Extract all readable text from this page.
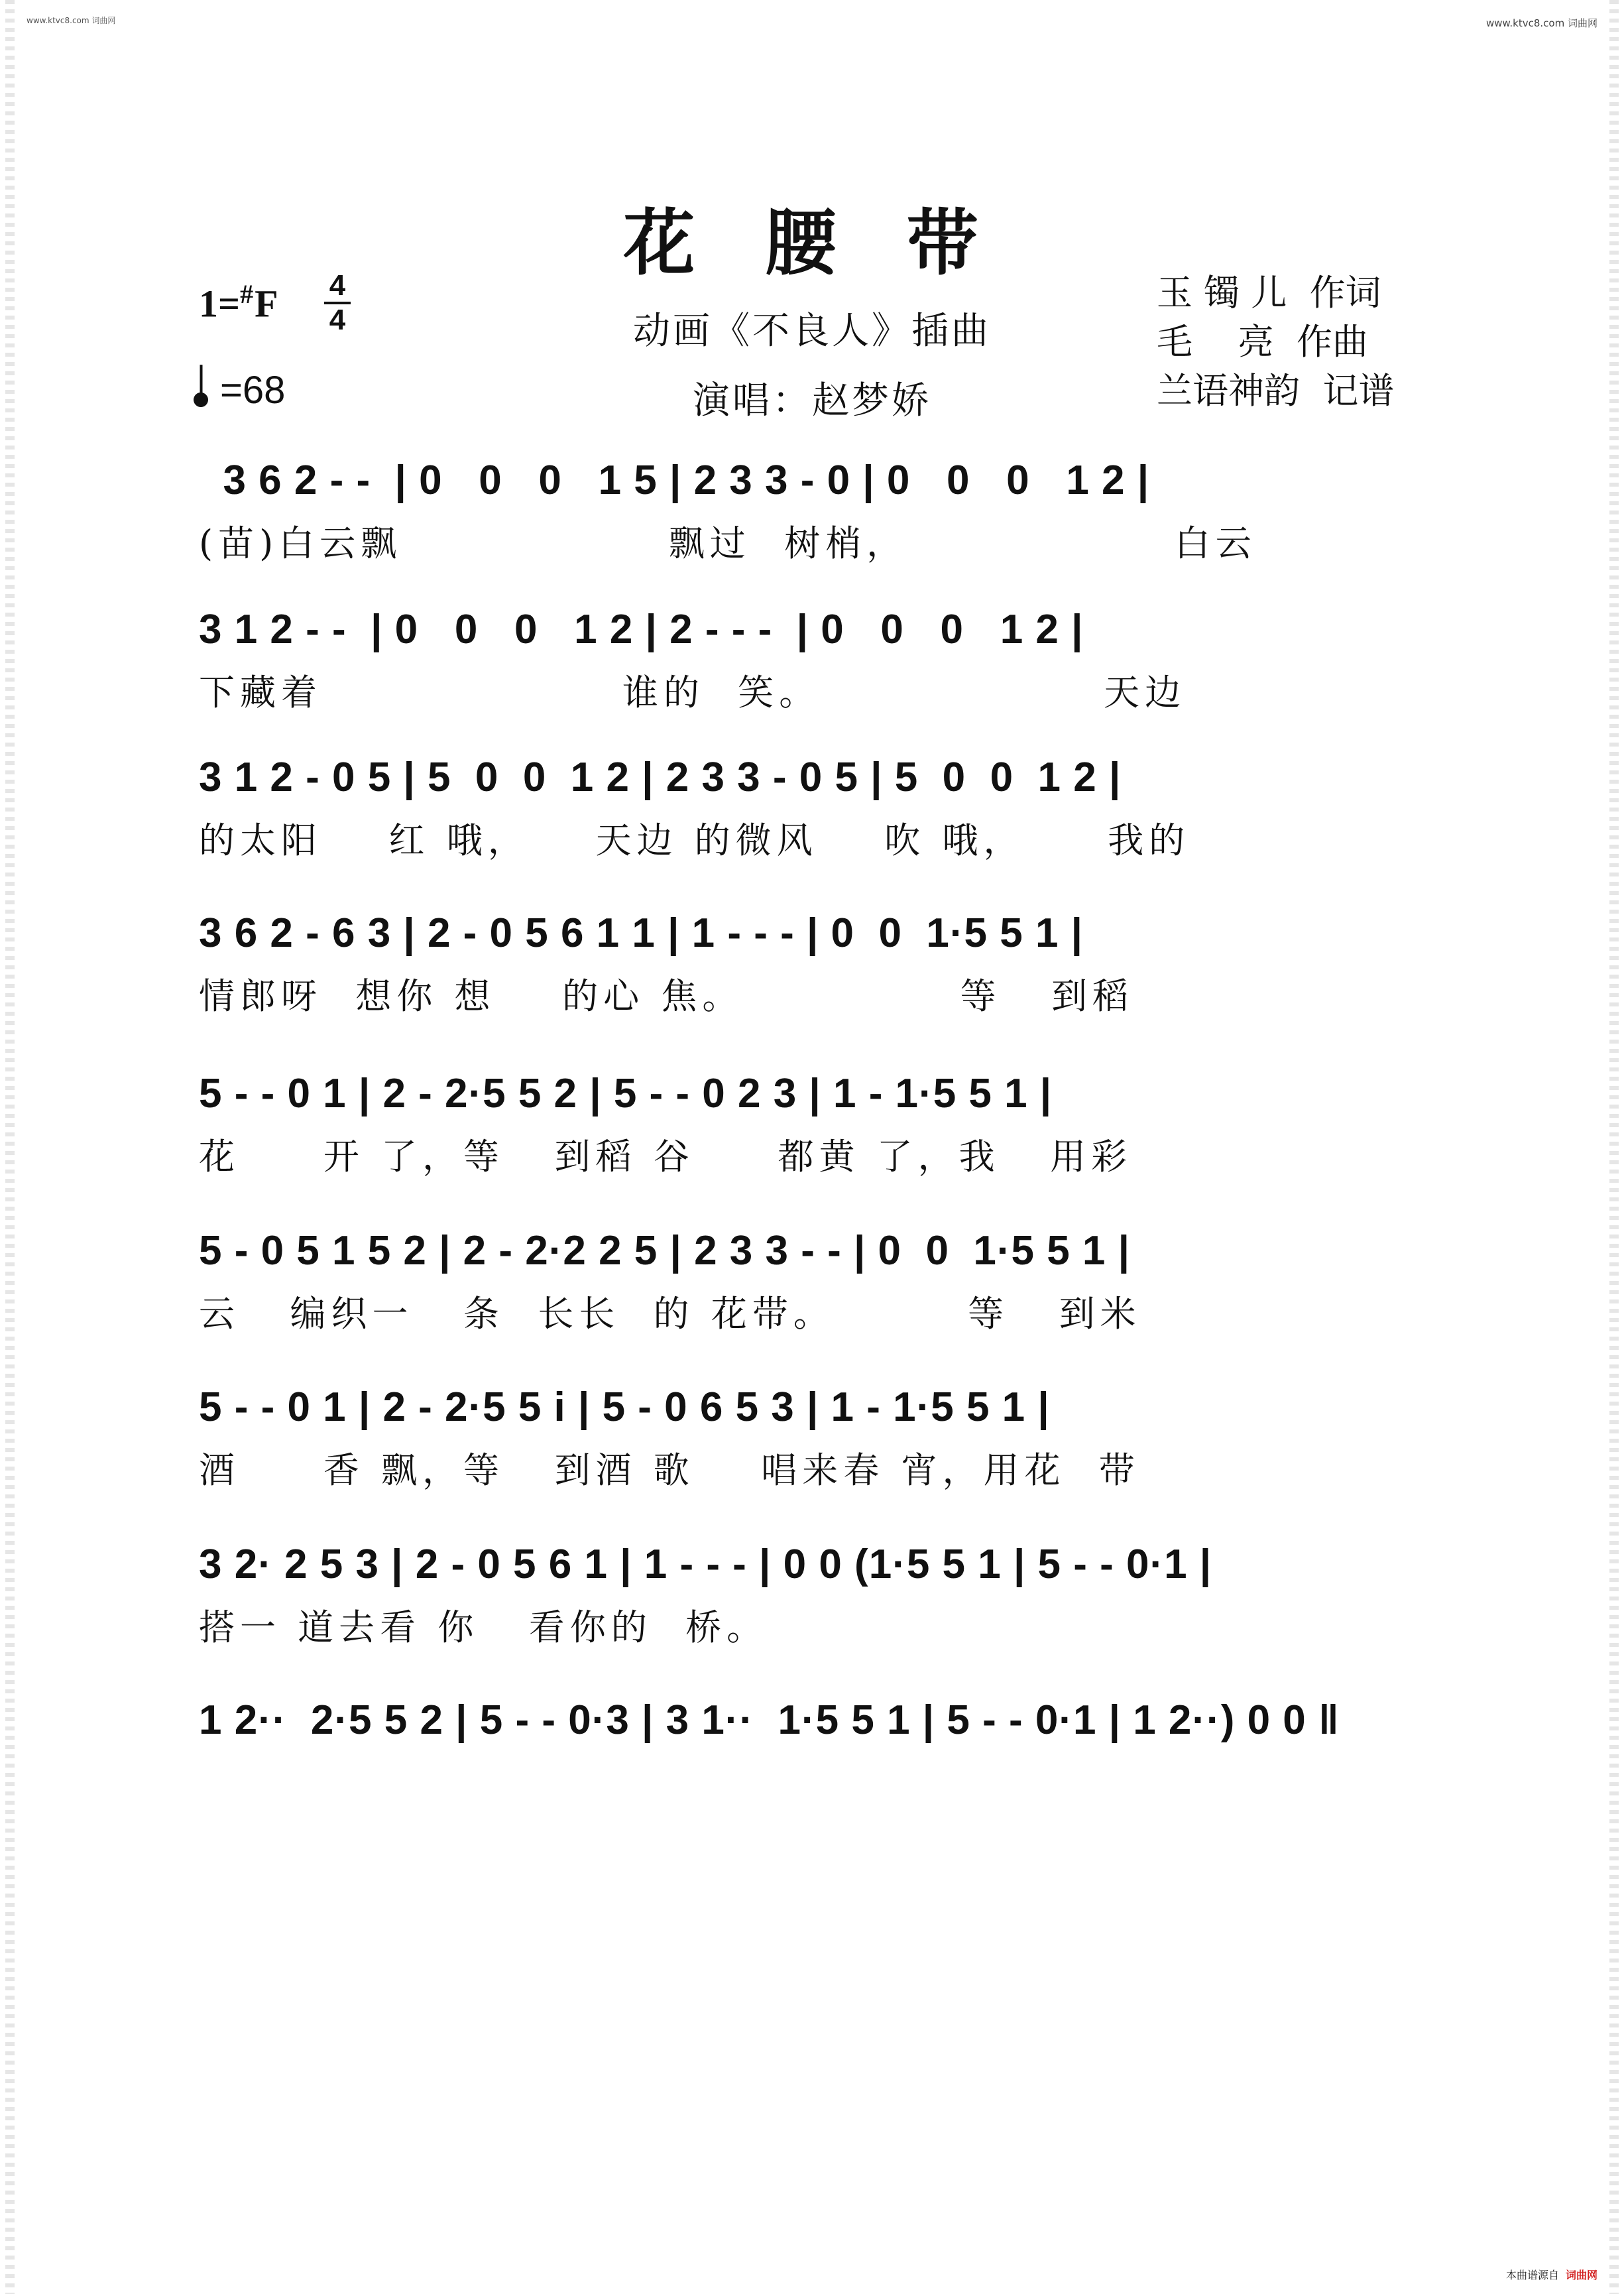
www.ktvc8.com 词曲网	www.ktvc8.com 词曲网
本曲谱源自 词曲网
花 腰 带
动画《不良人》插曲
演唱：赵梦娇
1=#F 4
4
=68
玉 镯 儿  作词
毛    亮  作曲
兰语神韵  记谱
3 6 2 - -  | 0   0   0   1 5 | 2 3 3 - 0 | 0   0   0   1 2 |
(苗)白云飘                飘过  树梢，                白云
3 1 2 - -  | 0   0   0   1 2 | 2 - - -  | 0   0   0   1 2 |
下藏着                  谁的  笑。                 天边
3 1 2 - 0 5 | 5  0  0  1 2 | 2 3 3 - 0 5 | 5  0  0  1 2 |
的太阳    红 哦，    天边 的微风    吹 哦，     我的
3 6 2 - 6 3 | 2 - 0 5 6 1 1 | 1 - - - | 0  0  1·5 5 1 |
情郎呀  想你 想    的心 焦。             等   到稻
5 - - 0 1 | 2 - 2·5 5 2 | 5 - - 0 2 3 | 1 - 1·5 5 1 |
花     开 了，等   到稻 谷     都黄 了，我   用彩
5 - 0 5 1 5 2 | 2 - 2·2 2 5 | 2 3 3 - - | 0  0  1·5 5 1 |
云   编织一   条  长长  的 花带。        等   到米
5 - - 0 1 | 2 - 2·5 5 i | 5 - 0 6 5 3 | 1 - 1·5 5 1 |
酒     香 飘，等   到酒 歌    唱来春 宵，用花  带
3 2· 2 5 3 | 2 - 0 5 6 1 | 1 - - - | 0 0 (1·5 5 1 | 5 - - 0·1 |
搭一 道去看 你   看你的  桥。
1 2··  2·5 5 2 | 5 - - 0·3 | 3 1··  1·5 5 1 | 5 - - 0·1 | 1 2··) 0 0 ‖
